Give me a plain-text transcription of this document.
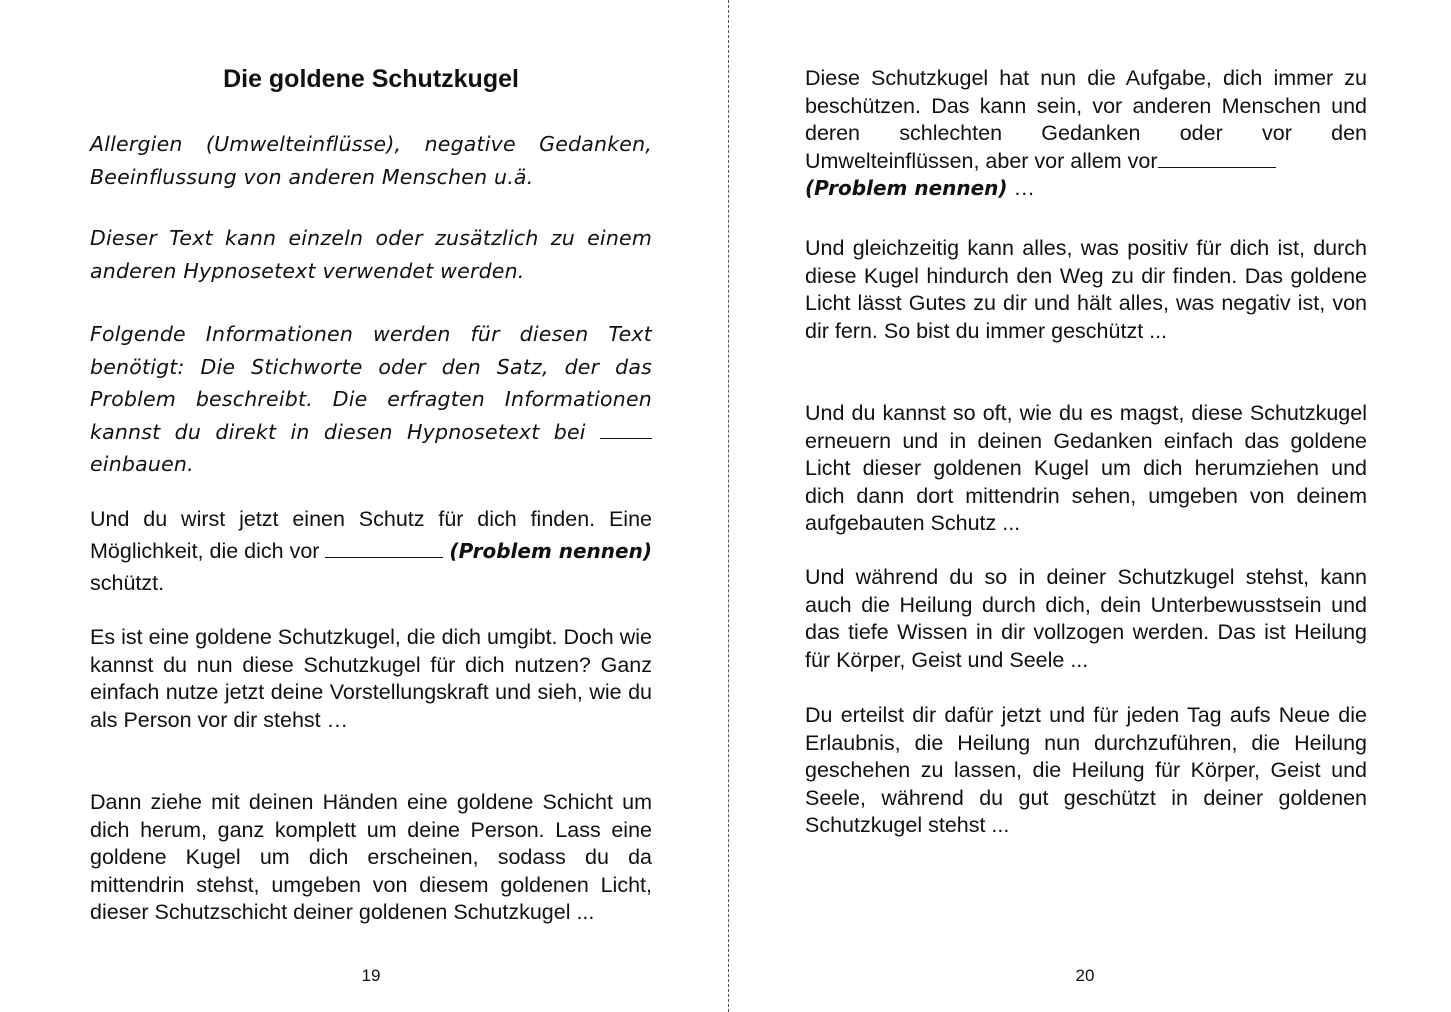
Die goldene Schutzkugel

Allergien (Umwelteinflüsse), negative Gedanken, Beeinflussung von anderen Menschen u.ä.

Dieser Text kann einzeln oder zusätzlich zu einem anderen Hypnosetext verwendet werden.

Folgende Informationen werden für diesen Text benötigt: Die Stichworte oder den Satz, der das Problem beschreibt. Die erfragten Informationen kannst du direkt in diesen Hypnosetext bei  einbauen.

Und du wirst jetzt einen Schutz für dich finden. Eine Möglichkeit, die dich vor	(Problem nennen) schützt.

Es ist eine goldene Schutzkugel, die dich umgibt. Doch wie kannst du nun diese Schutzkugel für dich nutzen? Ganz einfach nutze jetzt deine Vorstellungskraft und sieh, wie du als Person vor dir stehst …

Dann ziehe mit deinen Händen eine goldene Schicht um dich herum, ganz komplett um deine Person. Lass eine goldene Kugel um dich erscheinen, sodass du da mittendrin stehst, umgeben von diesem goldenen Licht, dieser Schutzschicht deiner goldenen Schutzkugel ...

19

Diese Schutzkugel hat nun die Aufgabe, dich immer zu beschützen. Das kann sein, vor anderen Menschen und deren schlechten Gedanken oder vor den Umwelteinflüssen, aber vor allem vor
(Problem nennen) …

Und gleichzeitig kann alles, was positiv für dich ist, durch diese Kugel hindurch den Weg zu dir finden. Das goldene Licht lässt Gutes zu dir und hält alles, was negativ ist, von dir fern. So bist du immer geschützt ...

Und du kannst so oft, wie du es magst, diese Schutzkugel erneuern und in deinen Gedanken einfach das goldene Licht dieser goldenen Kugel um dich herumziehen und dich dann dort mittendrin sehen, umgeben von deinem aufgebauten Schutz ...

Und während du so in deiner Schutzkugel stehst, kann auch die Heilung durch dich, dein Unterbewusstsein und das tiefe Wissen in dir vollzogen werden. Das ist Heilung für Körper, Geist und Seele ...

Du erteilst dir dafür jetzt und für jeden Tag aufs Neue die Erlaubnis, die Heilung nun durchzuführen, die Heilung geschehen zu lassen, die Heilung für Körper, Geist und Seele, während du gut geschützt in deiner goldenen Schutzkugel stehst ...

20
